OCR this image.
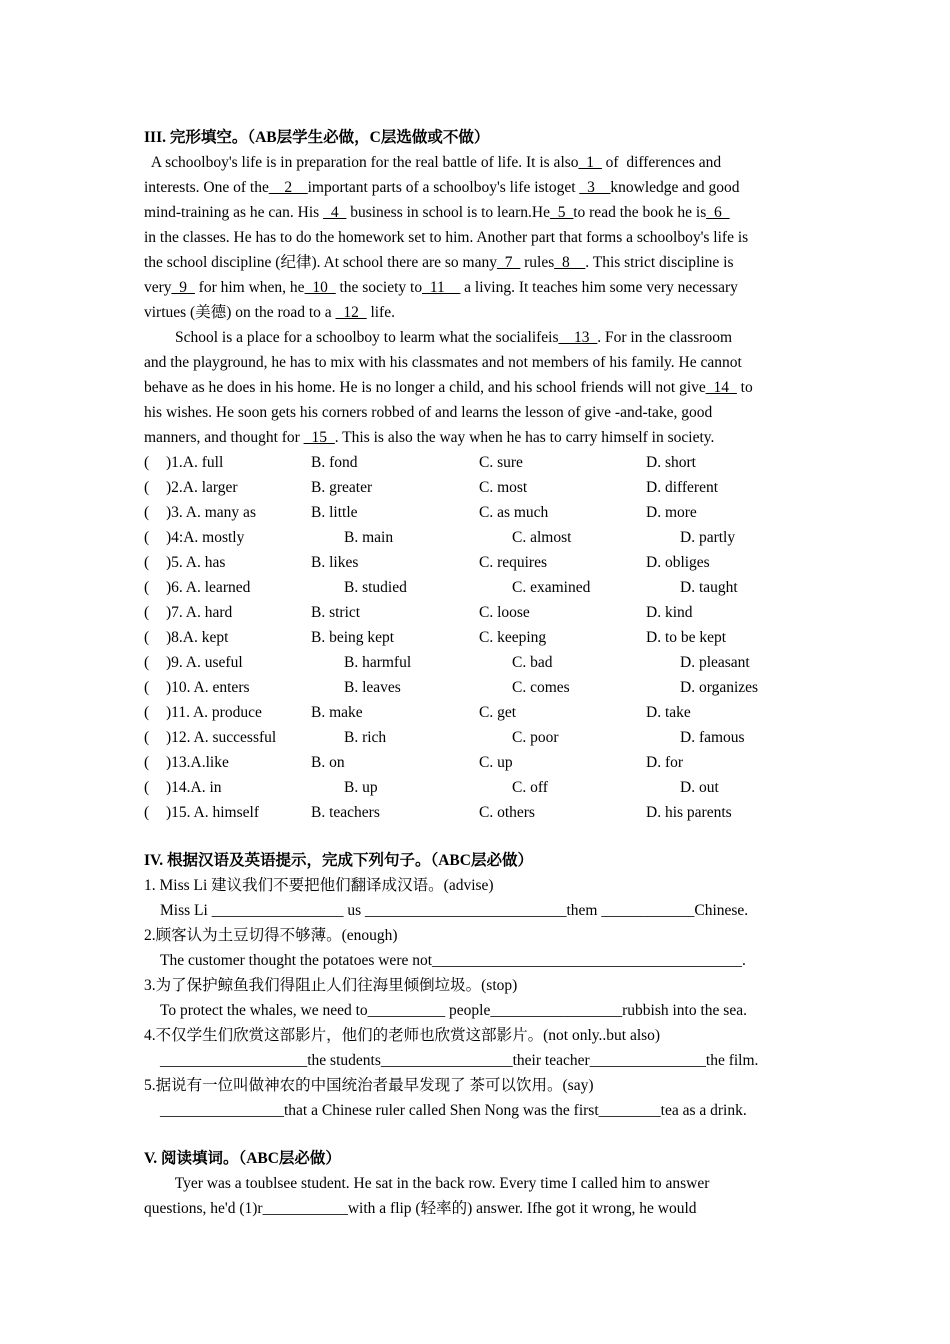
III. 完形填空。（AB层学生必做，C层选做或不做）

A schoolboy's life is in preparation for the real battle of life. It is also_1_ of  differences and

interests. One of the__2__important parts of a schoolboy's life istoget _3__knowledge and good

mind-training as he can. His _4_ business in school is to learn.He_5_to read the book he is_6_

in the classes. He has to do the homework set to him. Another part that forms a schoolboy's life is

the school discipline (纪律). At school there are so many_7_ rules_8__. This strict discipline is

very_9_ for him when, he_10_ the society to_11__ a living. It teaches him some very necessary

virtues (美德) on the road to a _12_ life.

School is a place for a schoolboy to learm what the socialifeis__13_. For in the classroom

and the playground, he has to mix with his classmates and not members of his family. He cannot

behave as he does in his home. He is no longer a child, and his school friends will not give_14_ to

his wishes. He soon gets his corners robbed of and learns the lesson of give -and-take, good

manners, and thought for _15_. This is also the way when he has to carry himself in society.

( )1.A. full	B. fond	C. sure	D. short
( )2.A. larger	B. greater	C. most	D. different
( )3. A. many as	B. little	C. as much	D. more
( )4:A. mostly	B. main	C. almost	D. partly
( )5. A. has	B. likes	C. requires	D. obliges
( )6. A. learned	B. studied	C. examined	D. taught
( )7. A. hard	B. strict	C. loose	D. kind
( )8.A. kept	B. being kept	C. keeping	D. to be kept
( )9. A. useful	B. harmful	C. bad	D. pleasant
( )10. A. enters	B. leaves	C. comes	D. organizes
( )11. A. produce	B. make	C. get	D. take
( )12. A. successful	B. rich	C. poor	D. famous
( )13.A.like	B. on	C. up	D. for
( )14.A. in	B. up	C. off	D. out
( )15. A. himself	B. teachers	C. others	D. his parents

IV. 根据汉语及英语提示，完成下列句子。（ABC层必做）

1. Miss Li 建议我们不要把他们翻译成汉语。(advise)

Miss Li _________________ us __________________________them ____________Chinese.

2.顾客认为土豆切得不够薄。(enough)

The customer thought the potatoes were not________________________________________.

3.为了保护鲸鱼我们得阻止人们往海里倾倒垃圾。(stop)

To protect the whales, we need to__________ people_________________rubbish into the sea.

4.不仅学生们欣赏这部影片，他们的老师也欣赏这部影片。(not only..but also)

___________________the students_________________their teacher_______________the film.

5.据说有一位叫做神农的中国统治者最早发现了 茶可以饮用。(say)

________________that a Chinese ruler called Shen Nong was the first________tea as a drink.

V. 阅读填词。（ABC层必做）

Tyer was a toublsee student. He sat in the back row. Every time I called him to answer

questions, he'd (1)r___________with a flip (轻率的) answer. Ifhe got it wrong, he would
